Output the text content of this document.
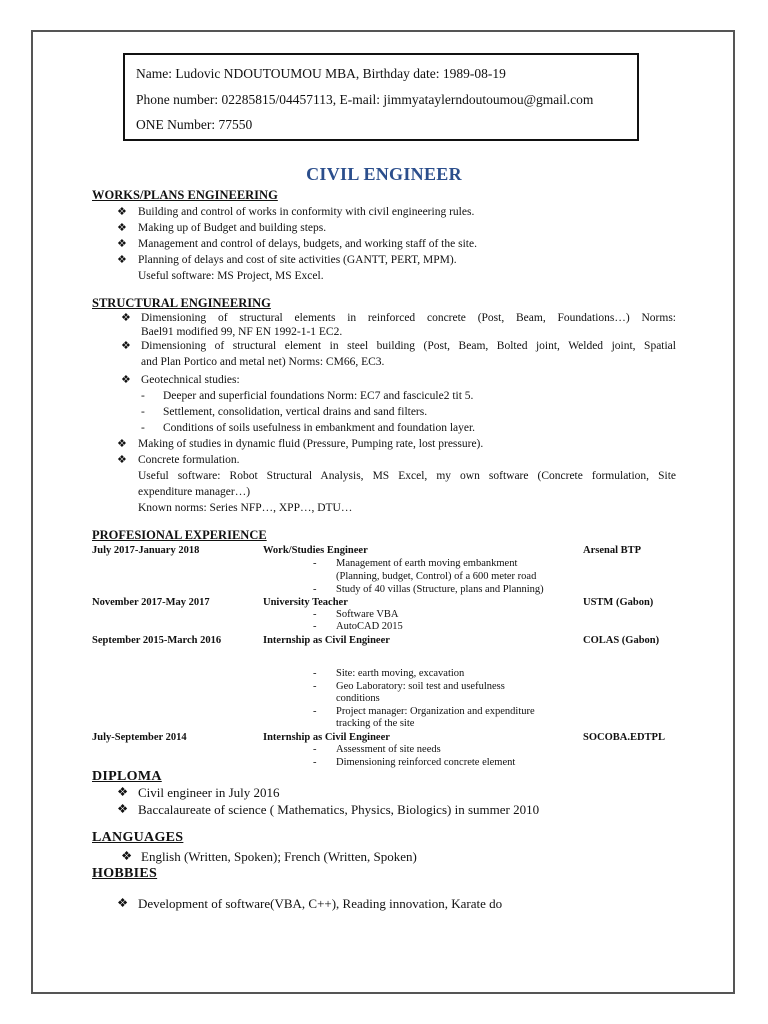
Name: Ludovic NDOUTOUMOU MBA, Birthday date: 1989-08-19
Phone number: 02285815/04457113, E-mail: jimmyataylerndoutoumou@gmail.com
ONE Number: 77550
CIVIL ENGINEER
WORKS/PLANS ENGINEERING
❖ Building and control of works in conformity with civil engineering rules.
❖ Making up of Budget and building steps.
❖ Management and control of delays, budgets, and working staff of the site.
❖ Planning of delays and cost of site activities (GANTT, PERT, MPM).
Useful software: MS Project, MS Excel.
STRUCTURAL ENGINEERING
❖ Dimensioning of structural elements in reinforced concrete (Post, Beam, Foundations…) Norms:
Bael91 modified 99, NF EN 1992-1-1 EC2.
❖ Dimensioning of structural element in steel building (Post, Beam, Bolted joint, Welded joint, Spatial
and Plan Portico and metal net) Norms: CM66, EC3.
❖ Geotechnical studies:
- Deeper and superficial foundations Norm: EC7 and fascicule2 tit 5.
- Settlement, consolidation, vertical drains and sand filters.
- Conditions of soils usefulness in embankment and foundation layer.
❖ Making of studies in dynamic fluid (Pressure, Pumping rate, lost pressure).
❖ Concrete formulation.
Useful software: Robot Structural Analysis, MS Excel, my own software (Concrete formulation, Site
expenditure manager…)
Known norms: Series NFP…, XPP…, DTU…
PROFESIONAL EXPERIENCE
July 2017-January 2018	Work/Studies Engineer	Arsenal BTP
- Management of earth moving embankment
(Planning, budget, Control) of a 600 meter road
- Study of 40 villas (Structure, plans and Planning)
November 2017-May 2017	University Teacher	USTM (Gabon)
- Software VBA
- AutoCAD 2015
September 2015-March 2016	Internship as Civil Engineer	COLAS (Gabon)
- Site: earth moving, excavation
- Geo Laboratory: soil test and usefulness
conditions
- Project manager: Organization and expenditure
tracking of the site
July-September 2014	Internship as Civil Engineer	SOCOBA.EDTPL
- Assessment of site needs
- Dimensioning reinforced concrete element
DIPLOMA
❖ Civil engineer in July 2016
❖ Baccalaureate of science ( Mathematics, Physics, Biologics) in summer 2010
LANGUAGES
❖ English (Written, Spoken); French (Written, Spoken)
HOBBIES
❖ Development of software(VBA, C++), Reading innovation, Karate do
